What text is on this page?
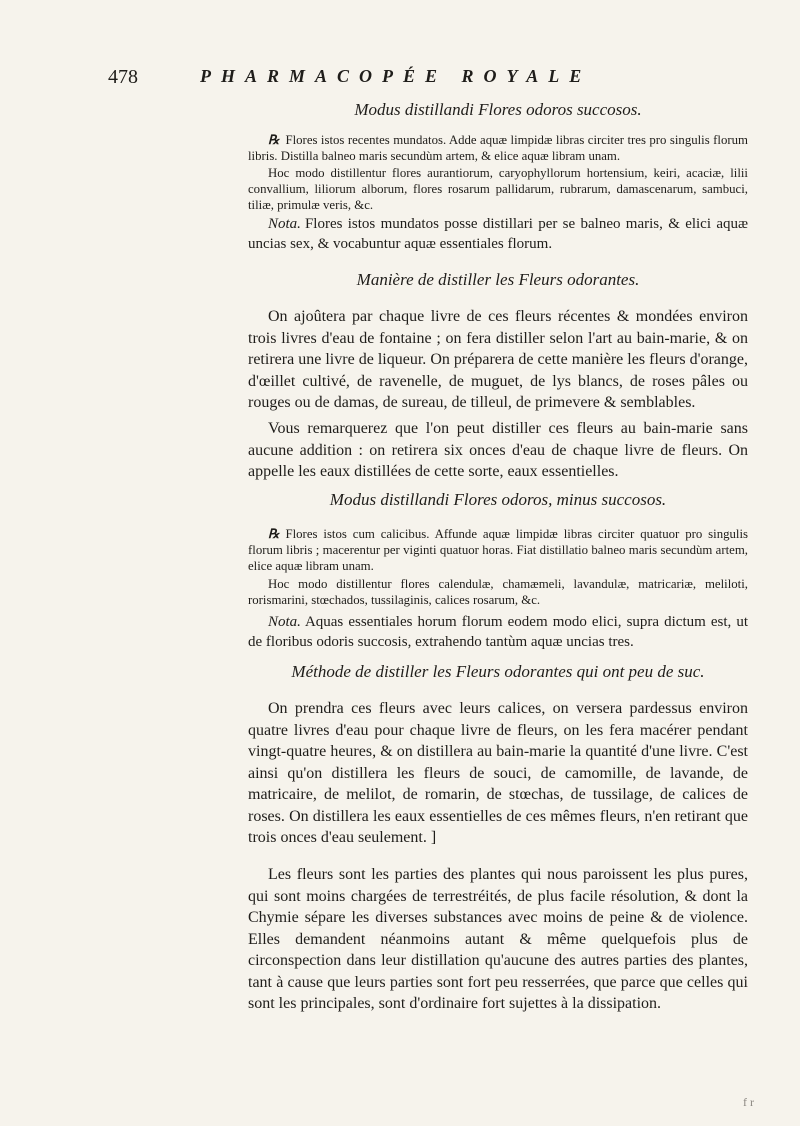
478	PHARMACOPÉE ROYALE
Modus distillandi Flores odoros succosos.
℞ Flores istos recentes mundatos. Adde aquæ limpidæ libras circiter tres pro singulis florum libris. Distilla balneo maris secundùm artem, & elice aquæ libram unam.
Hoc modo distillentur flores aurantiorum, caryophyllorum hortensium, keiri, acaciæ, lilii convallium, liliorum alborum, flores rosarum pallidarum, rubrarum, damascenarum, sambuci, tiliæ, primulæ veris, &c.
Nota. Flores istos mundatos posse distillari per se balneo maris, & elici aquæ uncias sex, & vocabuntur aquæ essentiales florum.
Manière de distiller les Fleurs odorantes.
On ajoûtera par chaque livre de ces fleurs récentes & mondées environ trois livres d'eau de fontaine ; on fera distiller selon l'art au bain-marie, & on retirera une livre de liqueur. On préparera de cette manière les fleurs d'orange, d'œillet cultivé, de ravenelle, de muguet, de lys blancs, de roses pâles ou rouges ou de damas, de sureau, de tilleul, de primevere & semblables.
Vous remarquerez que l'on peut distiller ces fleurs au bain-marie sans aucune addition : on retirera six onces d'eau de chaque livre de fleurs. On appelle les eaux distillées de cette sorte, eaux essentielles.
Modus distillandi Flores odoros, minus succosos.
℞ Flores istos cum calicibus. Affunde aquæ limpidæ libras circiter quatuor pro singulis florum libris ; macerentur per viginti quatuor horas. Fiat distillatio balneo maris secundùm artem, elice aquæ libram unam.
Hoc modo distillentur flores calendulæ, chamæmeli, lavandulæ, matricariæ, meliloti, rorismarini, stœchados, tussilaginis, calices rosarum, &c.
Nota. Aquas essentiales horum florum eodem modo elici, supra dictum est, ut de floribus odoris succosis, extrahendo tantùm aquæ uncias tres.
Méthode de distiller les Fleurs odorantes qui ont peu de suc.
On prendra ces fleurs avec leurs calices, on versera pardessus environ quatre livres d'eau pour chaque livre de fleurs, on les fera macérer pendant vingt-quatre heures, & on distillera au bain-marie la quantité d'une livre. C'est ainsi qu'on distillera les fleurs de souci, de camomille, de lavande, de matricaire, de melilot, de romarin, de stœchas, de tussilage, de calices de roses. On distillera les eaux essentielles de ces mêmes fleurs, n'en retirant que trois onces d'eau seulement. ]
Les fleurs sont les parties des plantes qui nous paroissent les plus pures, qui sont moins chargées de terrestréités, de plus facile résolution, & dont la Chymie sépare les diverses substances avec moins de peine & de violence. Elles demandent néanmoins autant & même quelquefois plus de circonspection dans leur distillation qu'aucune des autres parties des plantes, tant à cause que leurs parties sont fort peu resserrées, que parce que celles qui sont les principales, sont d'ordinaire fort sujettes à la dissipation.
f r
